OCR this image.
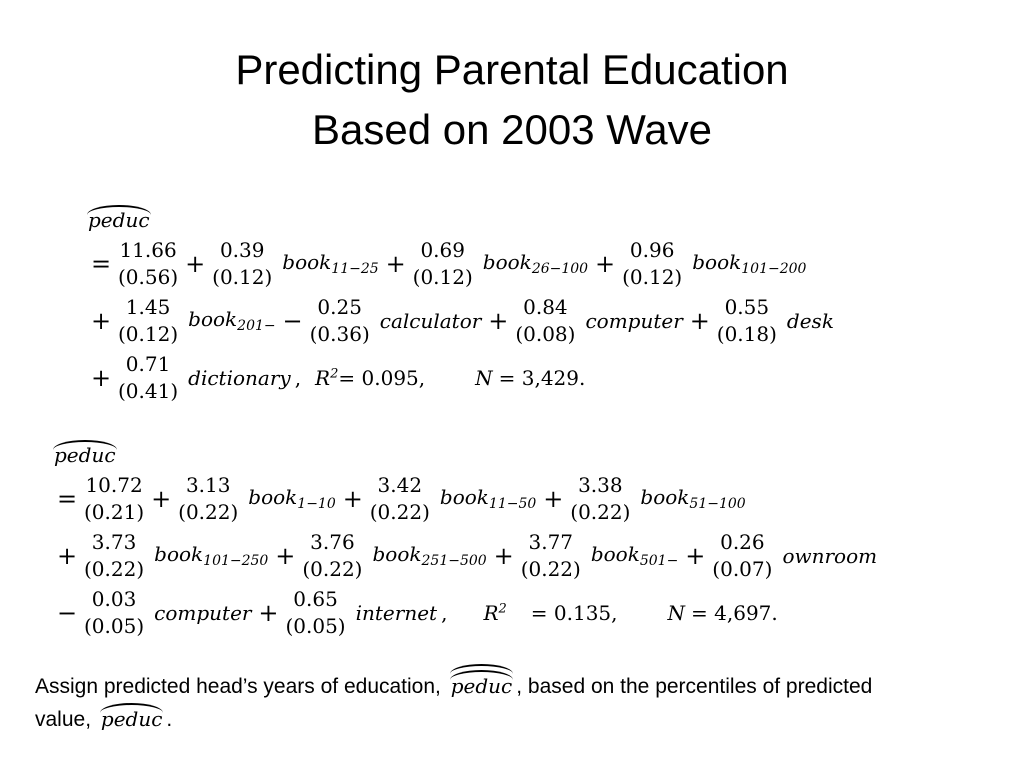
Predicting Parental Education
Based on 2003 Wave
peduc
= 11.66
(0.56) + 0.39
(0.12)
book$_{11-25}$ + 0.69
(0.12)
book$_{26-100}$ + 0.96
(0.12)
book$_{101-200}$
+ 1.45
(0.12)
book$_{201-}$ − 0.25
(0.36)
calculator + 0.84
(0.08)
computer + 0.55
(0.18)
desk
+ 0.71
(0.41)
dictionary , $R^2 = 0.095$,	N = 3,429.
peduc
= 10.72
(0.21) + 3.13
(0.22)
book$_{1-10}$ + 3.42
(0.22)
book$_{11-50}$ + 3.38
(0.22)
book$_{51-100}$
+ 3.73
(0.22)
book$_{101-250}$ + 3.76
(0.22)
book$_{251-500}$ + 3.77
(0.22)
book$_{501-}$ + 0.26
(0.07)
ownroom
− 0.03
(0.05)
computer + 0.65
(0.05)
internet , $R^2 = 0.135$,	N = 4,697.
Assign predicted head’s years of education, peduc , based on the percentiles of predicted
value, peduc .
